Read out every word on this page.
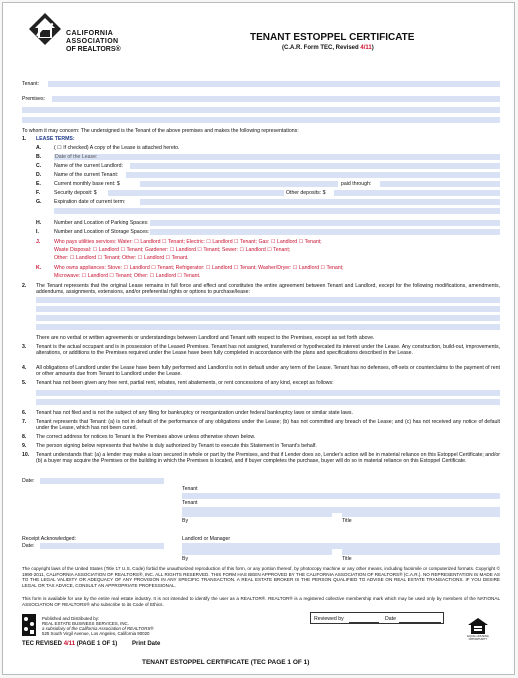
CALIFORNIA
ASSOCIATION
OF REALTORS®
TENANT ESTOPPEL CERTIFICATE
(C.A.R. Form TEC, Revised 4/11)
Tenant:
Premises:
To whom it may concern: The undersigned is the Tenant of the above premises and makes the following representations:
1. LEASE TERMS:
A. ( ☐ If checked) A copy of the Lease is attached hereto.
B.	Date of the Lease:
C. Name of the current Landlord:
D. Name of the current Tenant:
E.	Current monthly base rent: $	paid through:
F.	Security deposit: $	Other deposits: $
G. Expiration date of current term:
H. Number and Location of Parking Spaces:
I.	Number and Location of Storage Spaces:
J.	Who pays utilities services: Water: ☐ Landlord ☐ Tenant; Electric: ☐ Landlord ☐ Tenant; Gas: ☐ Landlord ☐ Tenant;
Waste Disposal: ☐ Landlord ☐ Tenant; Gardener: ☐ Landlord ☐ Tenant; Sewer: ☐ Landlord ☐ Tenant;
Other: ☐ Landlord ☐ Tenant; Other: ☐ Landlord ☐ Tenant.
K. Who owns appliances: Stove: ☐ Landlord ☐ Tenant; Refrigerator: ☐ Landlord ☐ Tenant; Washer/Dryer: ☐ Landlord ☐ Tenant;
Microwave: ☐ Landlord ☐ Tenant; Other: ☐ Landlord ☐ Tenant.
2. The Tenant represents that the original Lease remains in full force and effect and constitutes the entire agreement between Tenant and Landlord, except for the following modifications, amendments, addendums, assignments, extensions, and/or preferential rights or options to purchase/lease:
There are no verbal or written agreements or understandings between Landlord and Tenant with respect to the Premises, except as set forth above.
3. Tenant is the actual occupant and is in possession of the Leased Premises. Tenant has not assigned, transferred or hypothecated its interest under the Lease. Any construction, build-out, improvements, alterations, or additions to the Premises required under the Lease have been fully completed in accordance with the plans and specifications described in the Lease.
4. All obligations of Landlord under the Lease have been fully performed and Landlord is not in default under any term of the Lease. Tenant has no defenses, off-sets or counterclaims to the payment of rent or other amounts due from Tenant to Landlord under the Lease.
5. Tenant has not been given any free rent, partial rent, rebates, rent abatements, or rent concessions of any kind, except as follows:
6. Tenant has not filed and is not the subject of any filing for bankruptcy or reorganization under federal bankruptcy laws or similar state laws.
7. Tenant represents that Tenant: (a) is not in default of the performance of any obligations under the Lease; (b) has not committed any breach of the Lease; and (c) has not received any notice of default under the Lease, which has not been cured.
8. The correct address for notices to Tenant is the Premises above unless otherwise shown below.
9. The person signing below represents that he/she is duly authorized by Tenant to execute this Statement in Tenant's behalf.
10. Tenant understands that: (a) a lender may make a loan secured in whole or part by the Premises, and that if Lender does so, Lender's action will be in material reliance on this Estoppel Certificate; and/or (b) a buyer may acquire the Premises or the building in which the Premises is located, and if buyer completes the purchase, buyer will do so in material reliance on this Estoppel Certificate.
Date:
Tenant
Tenant
By	Title
Receipt Acknowledged:
Date:
Landlord or Manager
By	Title
The copyright laws of the United States (Title 17 U.S. Code) forbid the unauthorized reproduction of this form, or any portion thereof, by photocopy machine or any other means, including facsimile or computerized formats. Copyright © 1990-2011, CALIFORNIA ASSOCIATION OF REALTORS®, INC. ALL RIGHTS RESERVED. THIS FORM HAS BEEN APPROVED BY THE CALIFORNIA ASSOCIATION OF REALTORS® (C.A.R.). NO REPRESENTATION IS MADE AS TO THE LEGAL VALIDITY OR ADEQUACY OF ANY PROVISION IN ANY SPECIFIC TRANSACTION. A REAL ESTATE BROKER IS THE PERSON QUALIFIED TO ADVISE ON REAL ESTATE TRANSACTIONS. IF YOU DESIRE LEGAL OR TAX ADVICE, CONSULT AN APPROPRIATE PROFESSIONAL.
This form is available for use by the entire real estate industry. It is not intended to identify the user as a REALTOR®. REALTOR® is a registered collective membership mark which may be used only by members of the NATIONAL ASSOCIATION OF REALTORS® who subscribe to its Code of Ethics.
Published and Distributed by:
REAL ESTATE BUSINESS SERVICES, INC.
a subsidiary of the California Association of REALTORS®
525 South Virgil Avenue, Los Angeles, California 90020
Reviewed by	Date
EQUAL HOUSING OPPORTUNITY
TEC REVISED 4/11 (PAGE 1 OF 1) Print Date
TENANT ESTOPPEL CERTIFICATE (TEC PAGE 1 OF 1)
